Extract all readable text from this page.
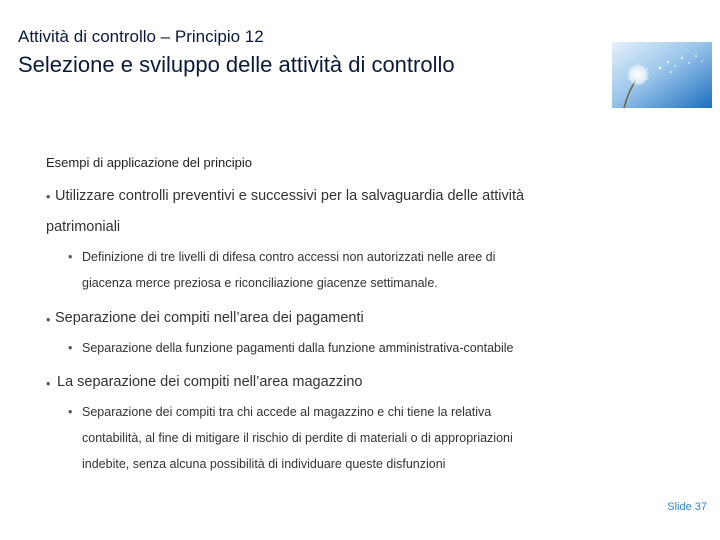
Attività di controllo – Principio 12
Selezione e sviluppo delle attività di controllo
Esempi di applicazione del principio
• Utilizzare controlli preventivi e successivi per la salvaguardia delle attività
patrimoniali
• Definizione di tre livelli di difesa contro accessi non autorizzati nelle aree di
giacenza merce preziosa e riconciliazione giacenze settimanale.
• Separazione dei compiti nell’area dei pagamenti
• Separazione della funzione pagamenti dalla funzione amministrativa-contabile
• La separazione dei compiti nell’area magazzino
• Separazione dei compiti tra chi accede al magazzino e chi tiene la relativa
contabilità, al fine di mitigare il rischio di perdite di materiali o di appropriazioni
indebite, senza alcuna possibilità di individuare queste disfunzioni
Slide 37
